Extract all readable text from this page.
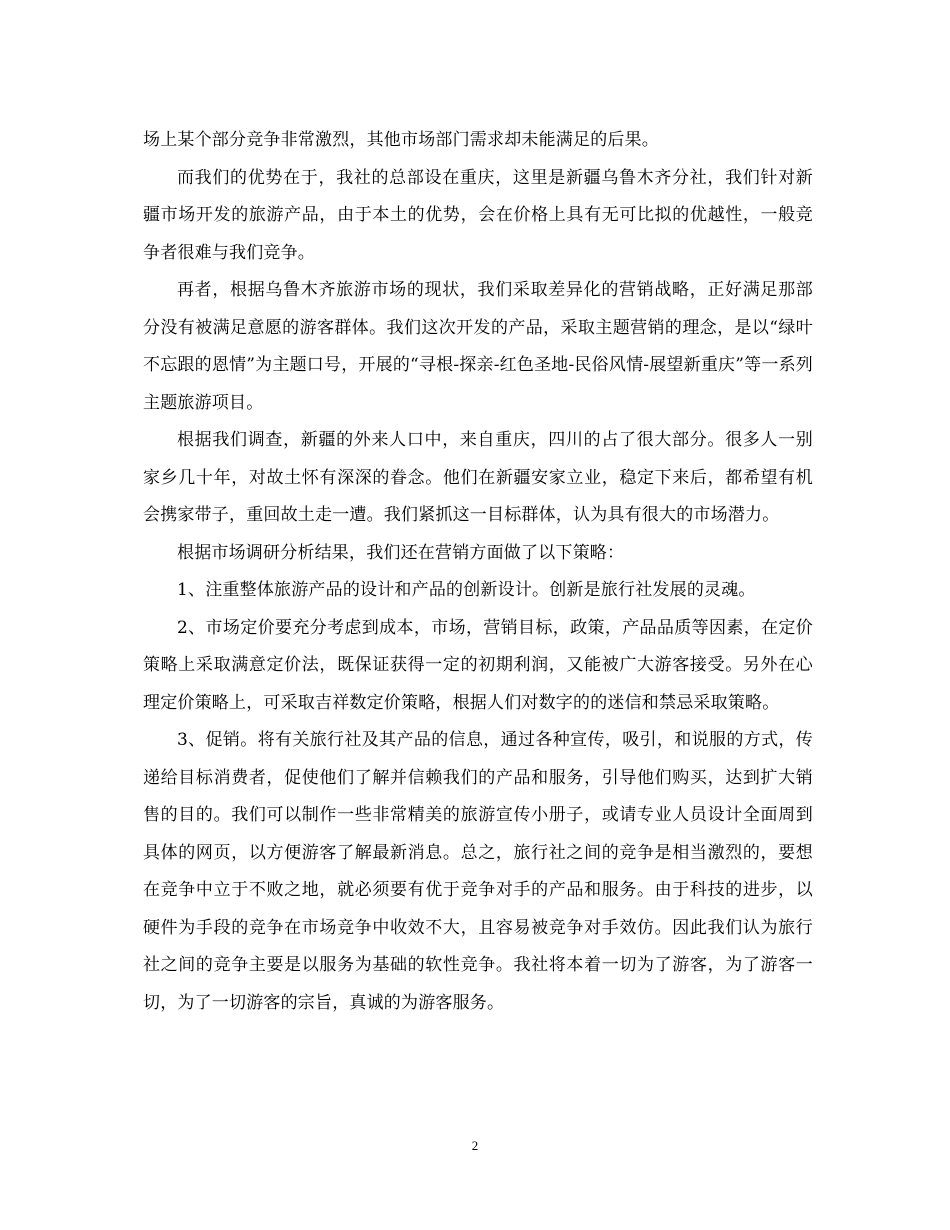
场上某个部分竞争非常激烈，其他市场部门需求却未能满足的后果。

而我们的优势在于，我社的总部设在重庆，这里是新疆乌鲁木齐分社，我们针对新疆市场开发的旅游产品，由于本土的优势，会在价格上具有无可比拟的优越性，一般竞争者很难与我们竞争。

再者，根据乌鲁木齐旅游市场的现状，我们采取差异化的营销战略，正好满足那部分没有被满足意愿的游客群体。我们这次开发的产品，采取主题营销的理念，是以“绿叶不忘跟的恩情”为主题口号，开展的“寻根-探亲-红色圣地-民俗风情-展望新重庆”等一系列主题旅游项目。

根据我们调查，新疆的外来人口中，来自重庆，四川的占了很大部分。很多人一别家乡几十年，对故土怀有深深的眷念。他们在新疆安家立业，稳定下来后，都希望有机会携家带子，重回故土走一遭。我们紧抓这一目标群体，认为具有很大的市场潜力。

根据市场调研分析结果，我们还在营销方面做了以下策略：

1、注重整体旅游产品的设计和产品的创新设计。创新是旅行社发展的灵魂。

2、市场定价要充分考虑到成本，市场，营销目标，政策，产品品质等因素，在定价策略上采取满意定价法，既保证获得一定的初期利润，又能被广大游客接受。另外在心理定价策略上，可采取吉祥数定价策略，根据人们对数字的的迷信和禁忌采取策略。

3、促销。将有关旅行社及其产品的信息，通过各种宣传，吸引，和说服的方式，传递给目标消费者，促使他们了解并信赖我们的产品和服务，引导他们购买，达到扩大销售的目的。我们可以制作一些非常精美的旅游宣传小册子，或请专业人员设计全面周到具体的网页，以方便游客了解最新消息。总之，旅行社之间的竞争是相当激烈的，要想在竞争中立于不败之地，就必须要有优于竞争对手的产品和服务。由于科技的进步，以硬件为手段的竞争在市场竞争中收效不大，且容易被竞争对手效仿。因此我们认为旅行社之间的竞争主要是以服务为基础的软性竞争。我社将本着一切为了游客，为了游客一切，为了一切游客的宗旨，真诚的为游客服务。

2
